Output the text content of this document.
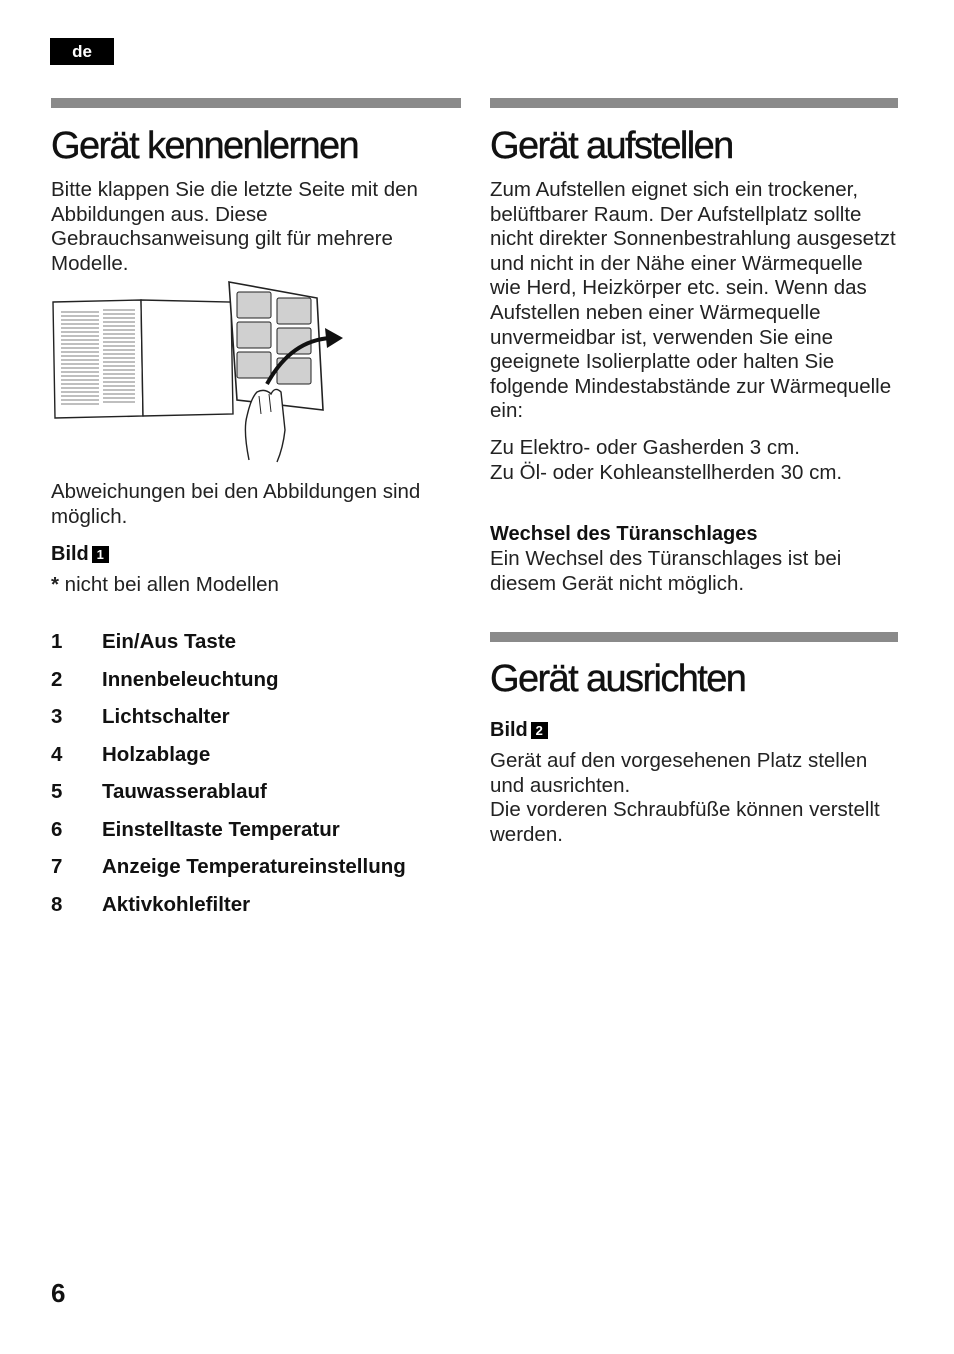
de
Gerät kennenlernen

Bitte klappen Sie die letzte Seite mit den Abbildungen aus. Diese Gebrauchsanweisung gilt für mehrere Modelle.

Abweichungen bei den Abbildungen sind möglich.

Bild 1

* nicht bei allen Modellen

1	Ein/Aus Taste
2	Innenbeleuchtung
3	Lichtschalter
4	Holzablage
5	Tauwasserablauf
6	Einstelltaste Temperatur
7	Anzeige Temperatureinstellung
8	Aktivkohlefilter
Gerät aufstellen

Zum Aufstellen eignet sich ein trockener, belüftbarer Raum. Der Aufstellplatz sollte nicht direkter Sonnenbestrahlung ausgesetzt und nicht in der Nähe einer Wärmequelle wie Herd, Heizkörper etc. sein. Wenn das Aufstellen neben einer Wärmequelle unvermeidbar ist, verwenden Sie eine geeignete Isolierplatte oder halten Sie folgende Mindestabstände zur Wärmequelle ein:

Zu Elektro- oder Gasherden 3 cm.

Zu Öl- oder Kohleanstellherden 30 cm.

Wechsel des Türanschlages

Ein Wechsel des Türanschlages ist bei diesem Gerät nicht möglich.

Gerät ausrichten
Bild 2

Gerät auf den vorgesehenen Platz stellen und ausrichten.

Die vorderen Schraubfüße können verstellt werden.

6
